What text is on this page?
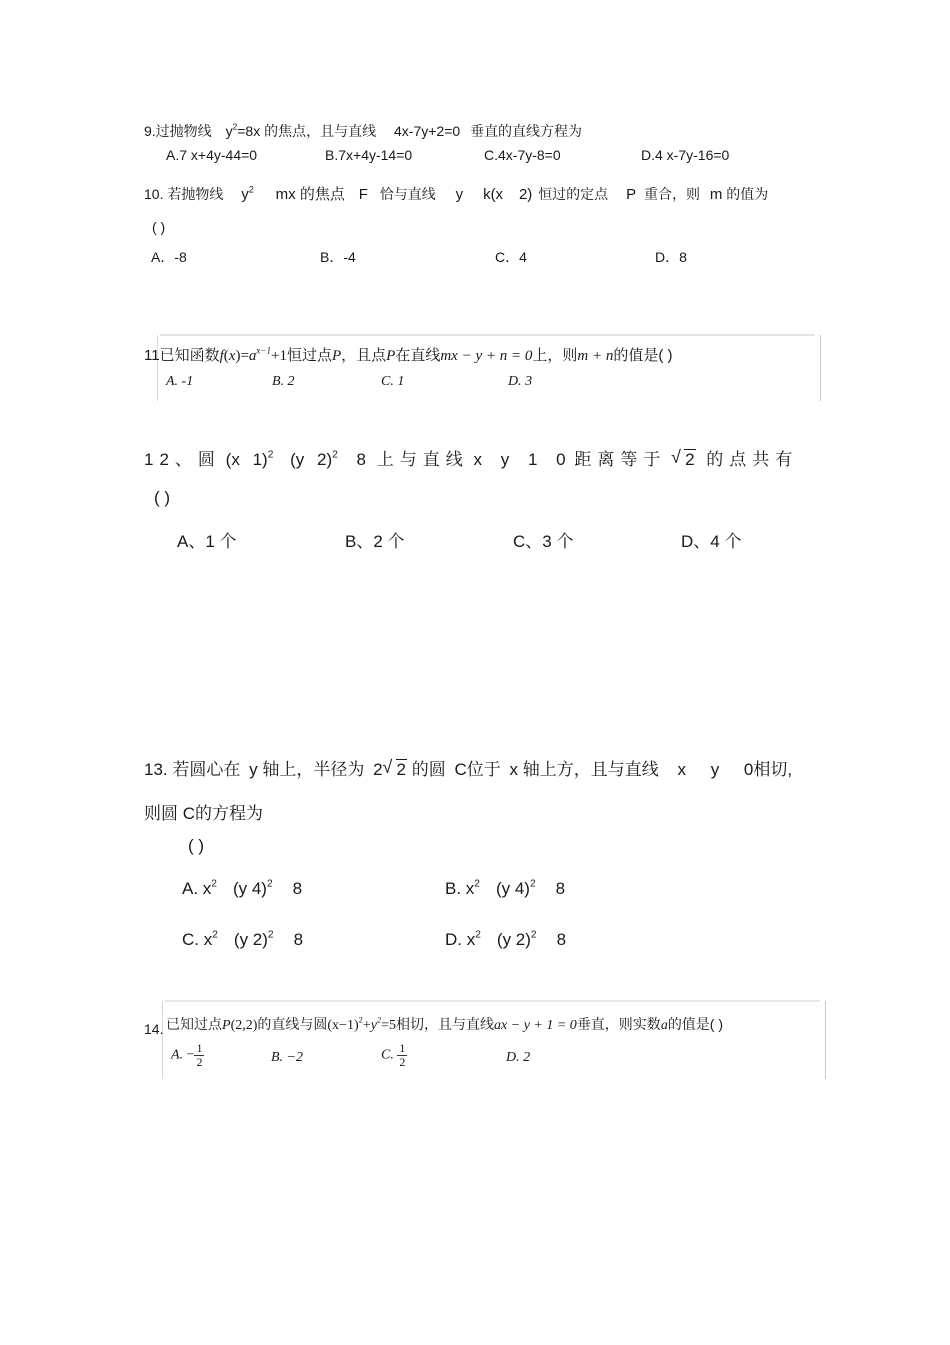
9.过抛物线 $y^2=8x$ 的焦点，且与直线 4x-7y+2=0 垂直的直线方程为
A.7 x+4y-44=0	B.7x+4y-14=0	C.4x-7y-8=0	D.4 x-7y-16=0
10. 若抛物线 $y^2$ mx 的焦点 F 恰与直线 y k(x 2) 恒过的定点 P 重合，则 m 的值为
( )
A．-8	B．-4	C．4	D．8
11已知函数$f(x)=a^{x-1}+1$恒过点P，且点P在直线mx − y + n = 0上，则m + n的值是( )
A. -1	B. 2	C. 1	D. 3
12、圆 (x 1)$^2$ (y 2)$^2$ 8 上与直线 x y 1 0 距离等于 √ 2 的点共有
( )
A、1 个	B、2 个	C、3 个	D、4 个
13. 若圆心在 y 轴上，半径为 2 √ 2 的圆 C位于 x 轴上方，且与直线 x y 0相切,
则圆 C的方程为
( )
A. $x^2$ (y 4)$^2$ 8	B. $x^2$ (y 4)$^2$ 8
C. $x^2$ (y 2)$^2$ 8	D. $x^2$ (y 2)$^2$ 8
14. 已知过点P(2,2)的直线与圆$(x-1)^2+y^2=5$相切，且与直线ax − y + 1 = 0垂直，则实数a的值是( )
A. − $\frac{1}{2}$	B. −2	C. $\frac{1}{2}$	D. 2
